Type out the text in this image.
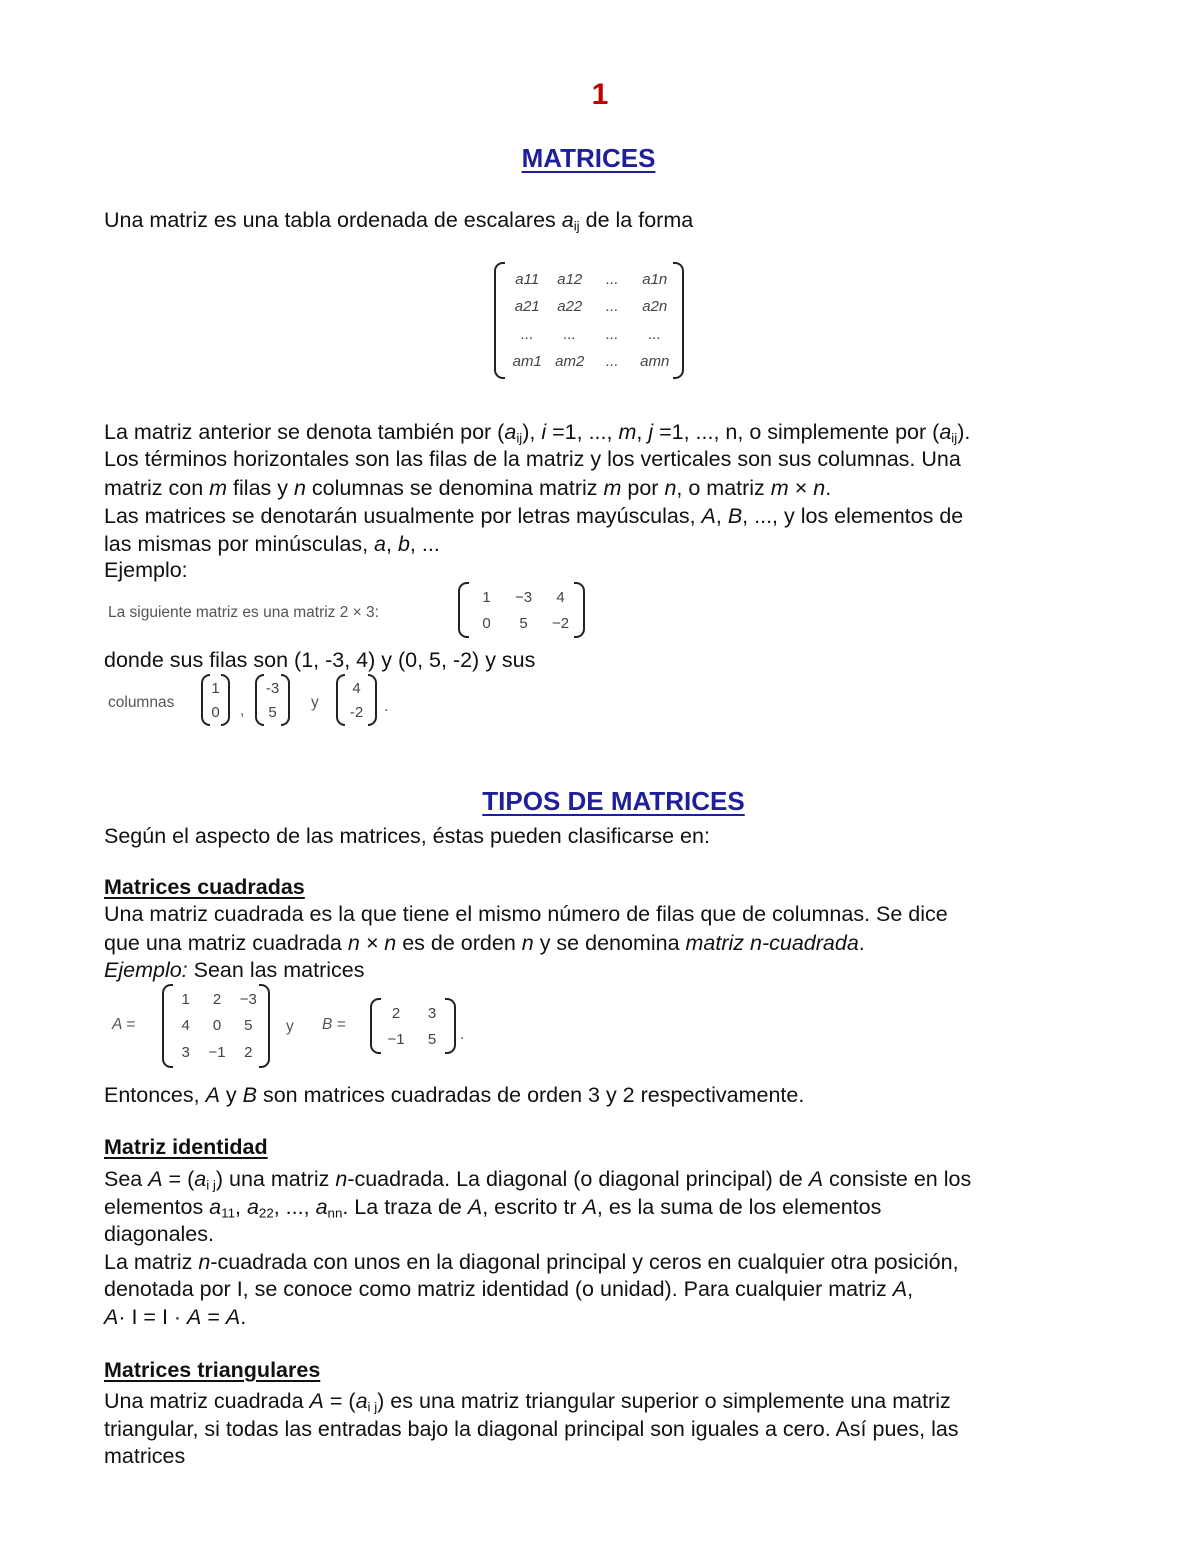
1
MATRICES
Una matriz es una tabla ordenada de escalares $a_{ij}$ de la forma
a11	a12	...	a1n
a21	a22	...	a2n
...	...	...	...
am1 am2	...	amn
La matriz anterior se denota también por $(a_{ij})$, i =1, ..., m, j =1, ..., n, o simplemente por $(a_{ij})$.
Los términos horizontales son las filas de la matriz y los verticales son sus columnas. Una
matriz con m filas y n columnas se denomina matriz m por n, o matriz m × n.
Las matrices se denotarán usualmente por letras mayúsculas, A, B, ..., y los elementos de
las mismas por minúsculas, a, b, ...
Ejemplo:
La siguiente matriz es una matriz 2 × 3:
1	−3	4
0	5	−2
donde sus filas son (1, -3, 4) y (0, 5, -2) y sus
columnas
1
0	,
-3
5
y
4
-2	.
TIPOS DE MATRICES
Según el aspecto de las matrices, éstas pueden clasificarse en:
Matrices cuadradas
Una matriz cuadrada es la que tiene el mismo número de filas que de columnas. Se dice
que una matriz cuadrada n × n es de orden n y se denomina matriz n-cuadrada.
Ejemplo: Sean las matrices
A =
1	2	−3
4	0	5
3	−1	2
y B =
2	3
−1	5	.
Entonces, A y B son matrices cuadradas de orden 3 y 2 respectivamente.
Matriz identidad
Sea $A = (a_{i j})$ una matriz n-cuadrada. La diagonal (o diagonal principal) de A consiste en los
elementos $a_{11}$, $a_{22}$, ..., $a_{nn}$. La traza de A, escrito tr A, es la suma de los elementos
diagonales.
La matriz n-cuadrada con unos en la diagonal principal y ceros en cualquier otra posición,
denotada por I, se conoce como matriz identidad (o unidad). Para cualquier matriz A,
A· I = I · A = A.
Matrices triangulares
Una matriz cuadrada $A = (a_{i j})$ es una matriz triangular superior o simplemente una matriz
triangular, si todas las entradas bajo la diagonal principal son iguales a cero. Así pues, las
matrices
